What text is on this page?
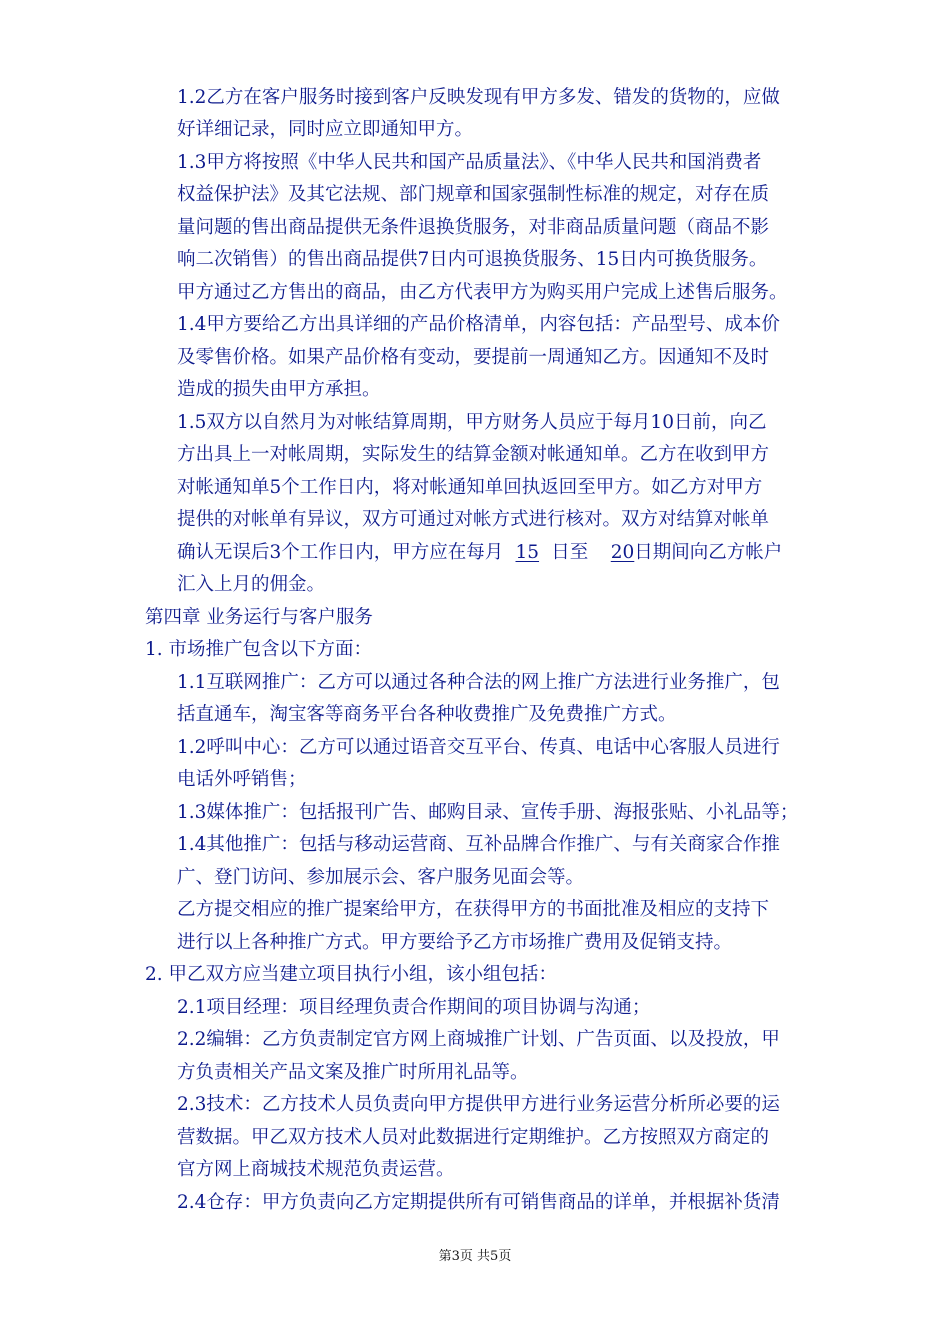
1.2乙方在客户服务时接到客户反映发现有甲方多发、错发的货物的，应做

好详细记录，同时应立即通知甲方。

1.3甲方将按照《中华人民共和国产品质量法》、《中华人民共和国消费者

权益保护法》及其它法规、部门规章和国家强制性标准的规定，对存在质

量问题的售出商品提供无条件退换货服务，对非商品质量问题（商品不影

响二次销售）的售出商品提供7日内可退换货服务、15日内可换货服务。

甲方通过乙方售出的商品，由乙方代表甲方为购买用户完成上述售后服务。

1.4甲方要给乙方出具详细的产品价格清单，内容包括：产品型号、成本价

及零售价格。如果产品价格有变动，要提前一周通知乙方。因通知不及时

造成的损失由甲方承担。

1.5双方以自然月为对帐结算周期，甲方财务人员应于每月10日前，向乙

方出具上一对帐周期，实际发生的结算金额对帐通知单。乙方在收到甲方

对帐通知单5个工作日内，将对帐通知单回执返回至甲方。如乙方对甲方

提供的对帐单有异议，双方可通过对帐方式进行核对。双方对结算对帐单

确认无误后3个工作日内，甲方应在每月 15 日至 20日期间向乙方帐户

汇入上月的佣金。

第四章 业务运行与客户服务

1. 市场推广包含以下方面：

1.1互联网推广：乙方可以通过各种合法的网上推广方法进行业务推广，包

括直通车，淘宝客等商务平台各种收费推广及免费推广方式。

1.2呼叫中心：乙方可以通过语音交互平台、传真、电话中心客服人员进行

电话外呼销售；

1.3媒体推广：包括报刊广告、邮购目录、宣传手册、海报张贴、小礼品等；

1.4其他推广：包括与移动运营商、互补品牌合作推广、与有关商家合作推

广、登门访问、参加展示会、客户服务见面会等。

乙方提交相应的推广提案给甲方，在获得甲方的书面批准及相应的支持下

进行以上各种推广方式。甲方要给予乙方市场推广费用及促销支持。

2. 甲乙双方应当建立项目执行小组，该小组包括：

2.1项目经理：项目经理负责合作期间的项目协调与沟通；

2.2编辑：乙方负责制定官方网上商城推广计划、广告页面、以及投放，甲

方负责相关产品文案及推广时所用礼品等。

2.3技术：乙方技术人员负责向甲方提供甲方进行业务运营分析所必要的运

营数据。甲乙双方技术人员对此数据进行定期维护。乙方按照双方商定的

官方网上商城技术规范负责运营。

2.4仓存：甲方负责向乙方定期提供所有可销售商品的详单，并根据补货清

第3页 共5页
